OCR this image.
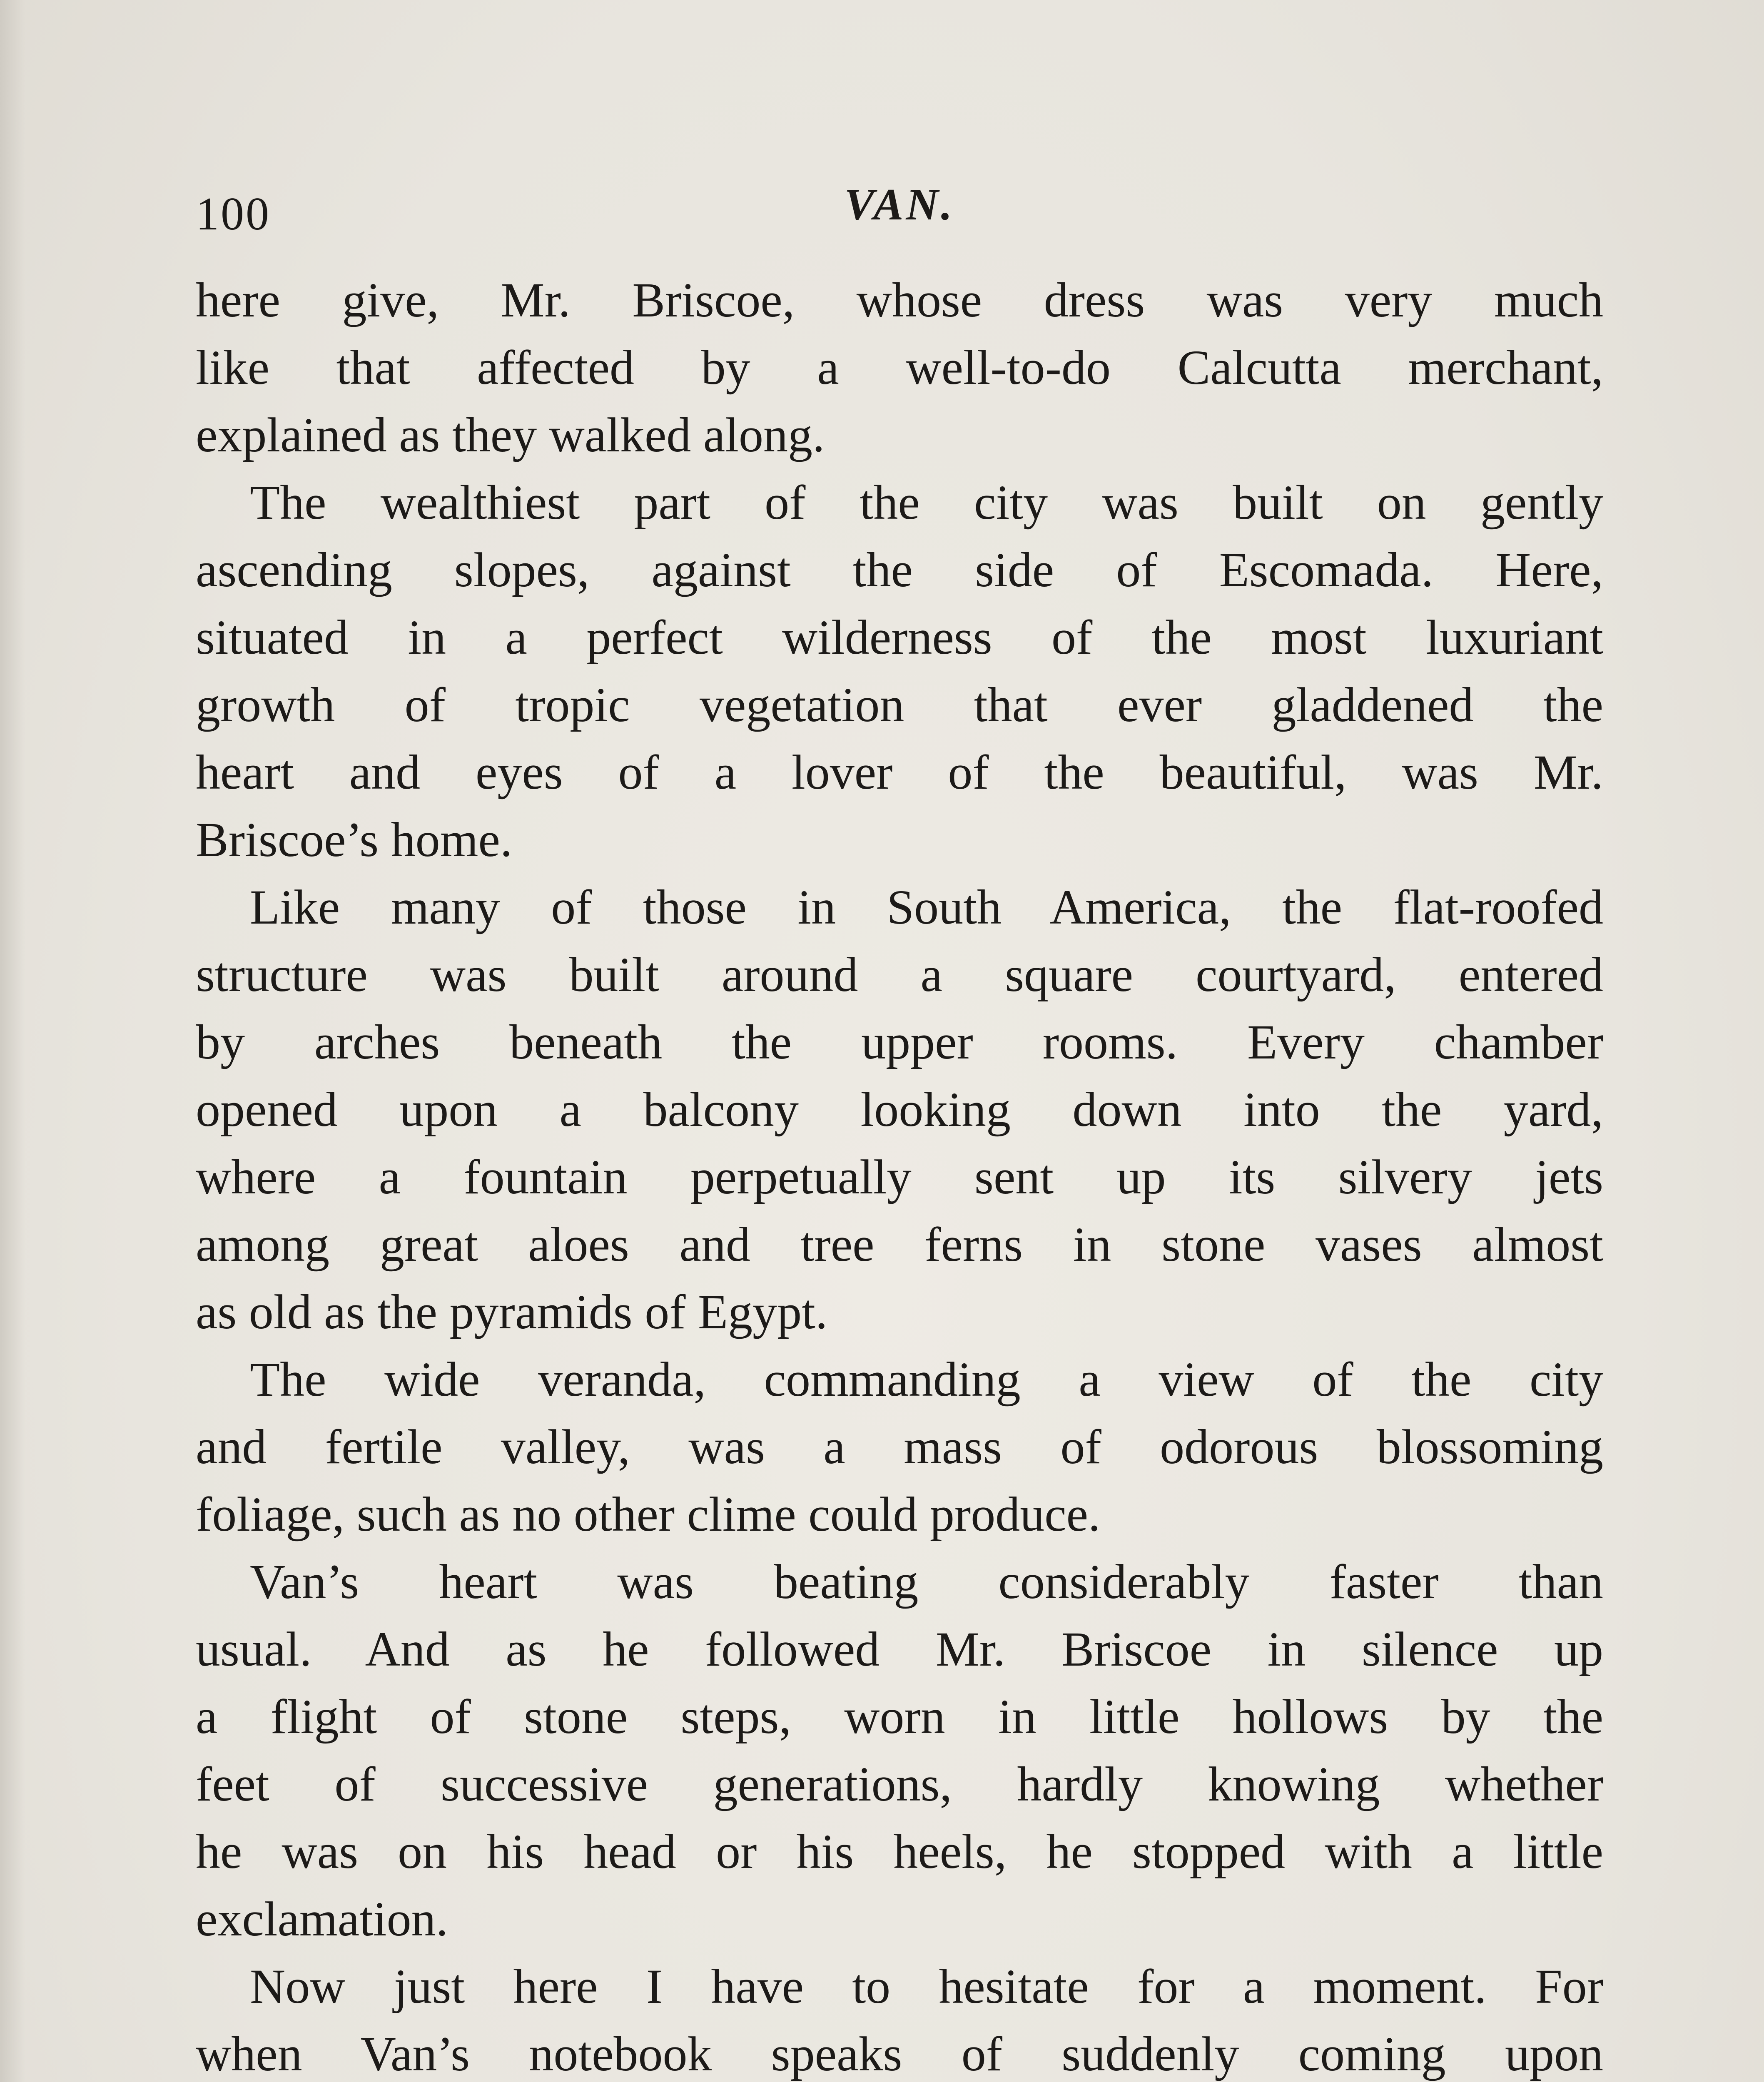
100	VAN.
here give, Mr. Briscoe, whose dress was very much
like that affected by a well-to-do Calcutta merchant,
explained as they walked along.
The wealthiest part of the city was built on gently
ascending slopes, against the side of Escomada. Here,
situated in a perfect wilderness of the most luxuriant
growth of tropic vegetation that ever gladdened the
heart and eyes of a lover of the beautiful, was Mr.
Briscoe’s home.
Like many of those in South America, the flat-roofed
structure was built around a square courtyard, entered
by arches beneath the upper rooms. Every chamber
opened upon a balcony looking down into the yard,
where a fountain perpetually sent up its silvery jets
among great aloes and tree ferns in stone vases almost
as old as the pyramids of Egypt.
The wide veranda, commanding a view of the city
and fertile valley, was a mass of odorous blossoming
foliage, such as no other clime could produce.
Van’s heart was beating considerably faster than
usual. And as he followed Mr. Briscoe in silence up
a flight of stone steps, worn in little hollows by the
feet of successive generations, hardly knowing whether
he was on his head or his heels, he stopped with a little
exclamation.
Now just here I have to hesitate for a moment. For
when Van’s notebook speaks of suddenly coming upon
